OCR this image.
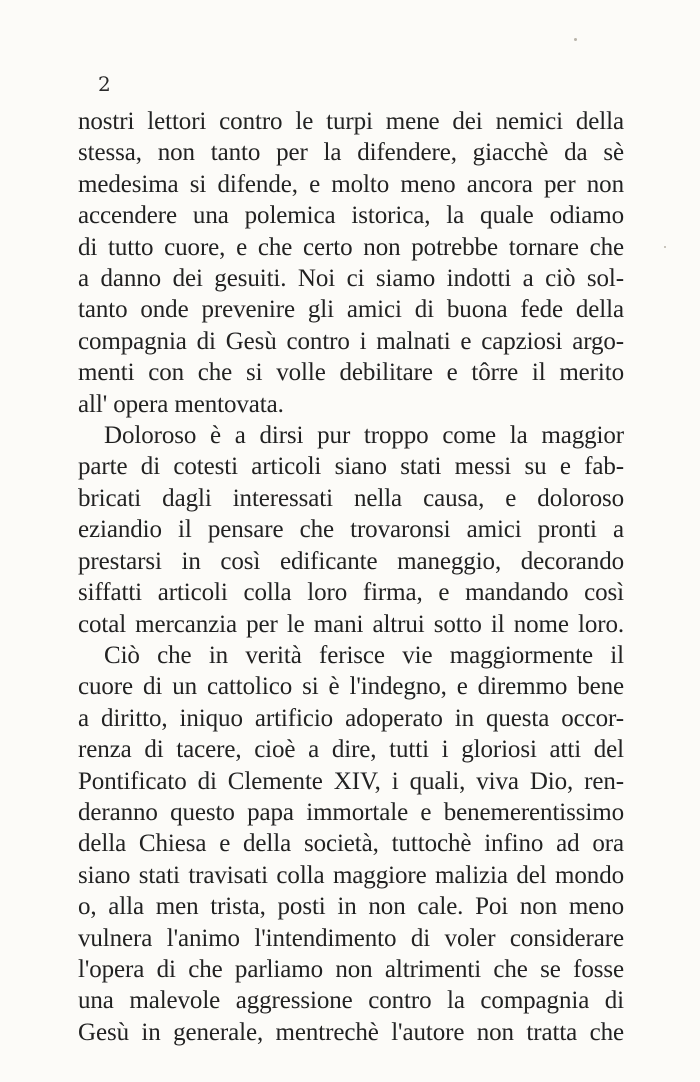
2
nostri lettori contro le turpi mene dei nemici della
stessa, non tanto per la difendere, giacchè da sè
medesima si difende, e molto meno ancora per non
accendere una polemica istorica, la quale odiamo
di tutto cuore, e che certo non potrebbe tornare che
a danno dei gesuiti. Noi ci siamo indotti a ciò sol-
tanto onde prevenire gli amici di buona fede della
compagnia di Gesù contro i malnati e capziosi argo-
menti con che si volle debilitare e tôrre il merito
all' opera mentovata.
Doloroso è a dirsi pur troppo come la maggior
parte di cotesti articoli siano stati messi su e fab-
bricati dagli interessati nella causa, e doloroso
eziandio il pensare che trovaronsi amici pronti a
prestarsi in così edificante maneggio, decorando
siffatti articoli colla loro firma, e mandando così
cotal mercanzia per le mani altrui sotto il nome loro.
Ciò che in verità ferisce vie maggiormente il
cuore di un cattolico si è l'indegno, e diremmo bene
a diritto, iniquo artificio adoperato in questa occor-
renza di tacere, cioè a dire, tutti i gloriosi atti del
Pontificato di Clemente XIV, i quali, viva Dio, ren-
deranno questo papa immortale e benemerentissimo
della Chiesa e della società, tuttochè infino ad ora
siano stati travisati colla maggiore malizia del mondo
o, alla men trista, posti in non cale. Poi non meno
vulnera l'animo l'intendimento di voler considerare
l'opera di che parliamo non altrimenti che se fosse
una malevole aggressione contro la compagnia di
Gesù in generale, mentrechè l'autore non tratta che
